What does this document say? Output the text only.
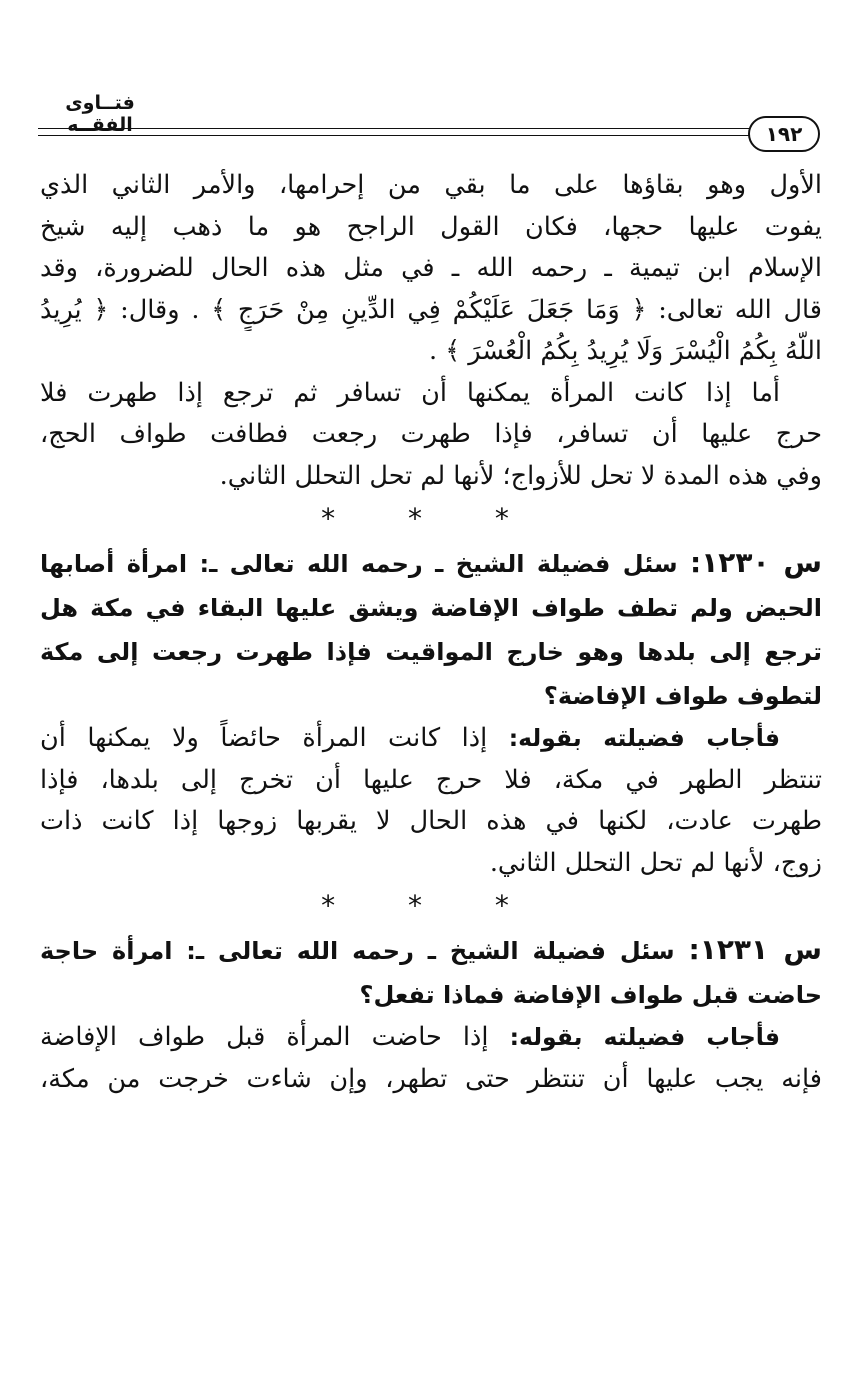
فتــاوى الفقــه	١٩٢
الأول وهو بقاؤها على ما بقي من إحرامها، والأمر الثاني الذي
يفوت عليها حجها، فكان القول الراجح هو ما ذهب إليه شيخ
الإسلام ابن تيمية ـ رحمه الله ـ في مثل هذه الحال للضرورة، وقد
قال الله تعالى: ﴿ وَمَا جَعَلَ عَلَيْكُمْ فِي الدِّينِ مِنْ حَرَجٍ ﴾ . وقال: ﴿ يُرِيدُ
اللَّهُ بِكُمُ الْيُسْرَ وَلَا يُرِيدُ بِكُمُ الْعُسْرَ ﴾ .
أما إذا كانت المرأة يمكنها أن تسافر ثم ترجع إذا طهرت فلا
حرج عليها أن تسافر، فإذا طهرت رجعت فطافت طواف الحج،
وفي هذه المدة لا تحل للأزواج؛ لأنها لم تحل التحلل الثاني.
* * *
س ١٢٣٠: سئل فضيلة الشيخ ـ رحمه الله تعالى ـ: امرأة أصابها
الحيض ولم تطف طواف الإفاضة ويشق عليها البقاء في مكة هل
ترجع إلى بلدها وهو خارج المواقيت فإذا طهرت رجعت إلى مكة
لتطوف طواف الإفاضة؟
فأجاب فضيلته بقوله: إذا كانت المرأة حائضاً ولا يمكنها أن
تنتظر الطهر في مكة، فلا حرج عليها أن تخرج إلى بلدها، فإذا
طهرت عادت، لكنها في هذه الحال لا يقربها زوجها إذا كانت ذات
زوج، لأنها لم تحل التحلل الثاني.
* * *
س ١٢٣١: سئل فضيلة الشيخ ـ رحمه الله تعالى ـ: امرأة حاجة
حاضت قبل طواف الإفاضة فماذا تفعل؟
فأجاب فضيلته بقوله: إذا حاضت المرأة قبل طواف الإفاضة
فإنه يجب عليها أن تنتظر حتى تطهر، وإن شاءت خرجت من مكة،
